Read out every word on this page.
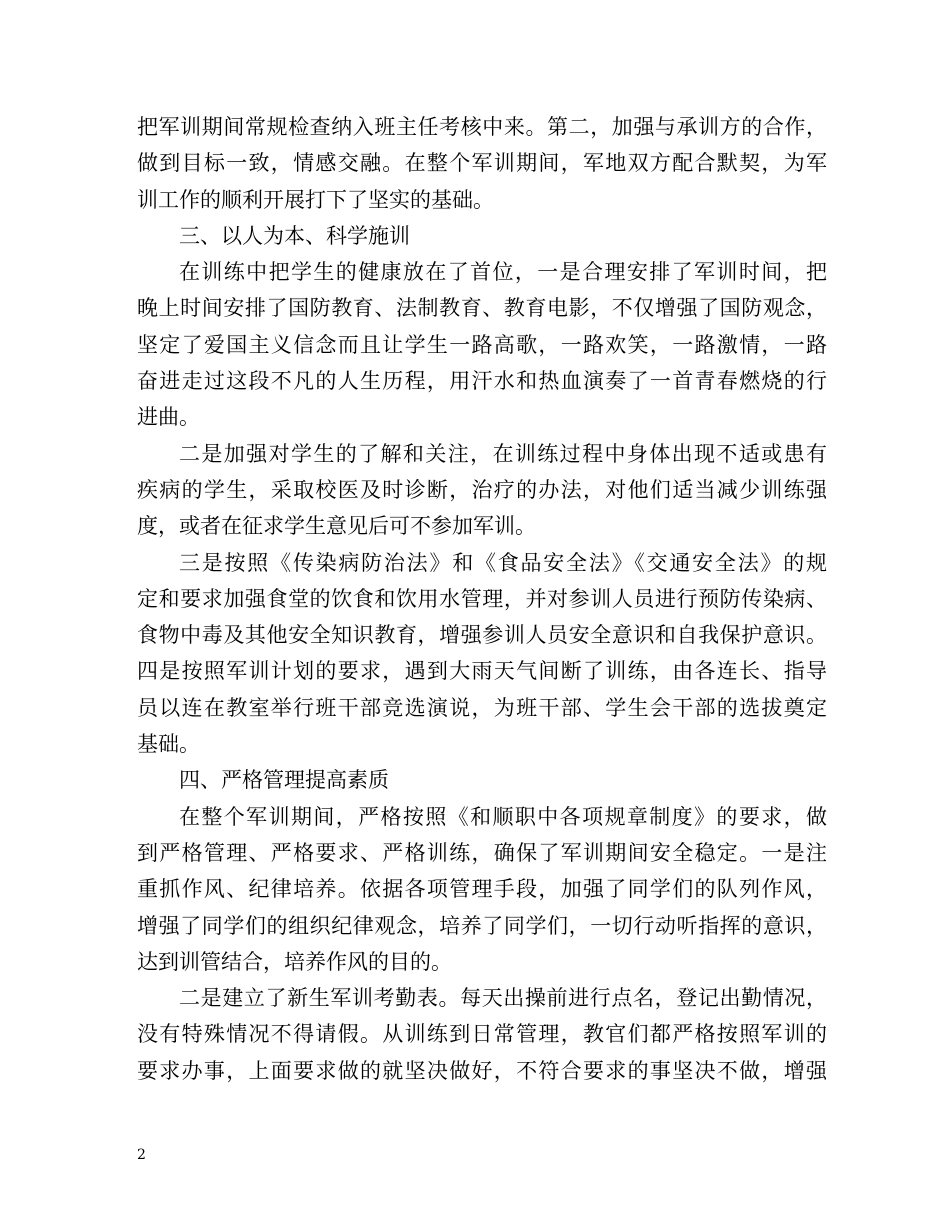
把军训期间常规检查纳入班主任考核中来。第二，加强与承训方的合作，
做到目标一致，情感交融。在整个军训期间，军地双方配合默契，为军
训工作的顺利开展打下了坚实的基础。
三、以人为本、科学施训
在训练中把学生的健康放在了首位，一是合理安排了军训时间，把
晚上时间安排了国防教育、法制教育、教育电影，不仅增强了国防观念，
坚定了爱国主义信念而且让学生一路高歌，一路欢笑，一路激情，一路
奋进走过这段不凡的人生历程，用汗水和热血演奏了一首青春燃烧的行
进曲。
二是加强对学生的了解和关注，在训练过程中身体出现不适或患有
疾病的学生，采取校医及时诊断，治疗的办法，对他们适当减少训练强
度，或者在征求学生意见后可不参加军训。
三是按照《传染病防治法》和《食品安全法》《交通安全法》的规
定和要求加强食堂的饮食和饮用水管理，并对参训人员进行预防传染病、
食物中毒及其他安全知识教育，增强参训人员安全意识和自我保护意识。
四是按照军训计划的要求，遇到大雨天气间断了训练，由各连长、指导
员以连在教室举行班干部竞选演说，为班干部、学生会干部的选拔奠定
基础。
四、严格管理提高素质
在整个军训期间，严格按照《和顺职中各项规章制度》的要求，做
到严格管理、严格要求、严格训练，确保了军训期间安全稳定。一是注
重抓作风、纪律培养。依据各项管理手段，加强了同学们的队列作风，
增强了同学们的组织纪律观念，培养了同学们，一切行动听指挥的意识，
达到训管结合，培养作风的目的。
二是建立了新生军训考勤表。每天出操前进行点名，登记出勤情况，
没有特殊情况不得请假。从训练到日常管理，教官们都严格按照军训的
要求办事，上面要求做的就坚决做好，不符合要求的事坚决不做，增强
2
